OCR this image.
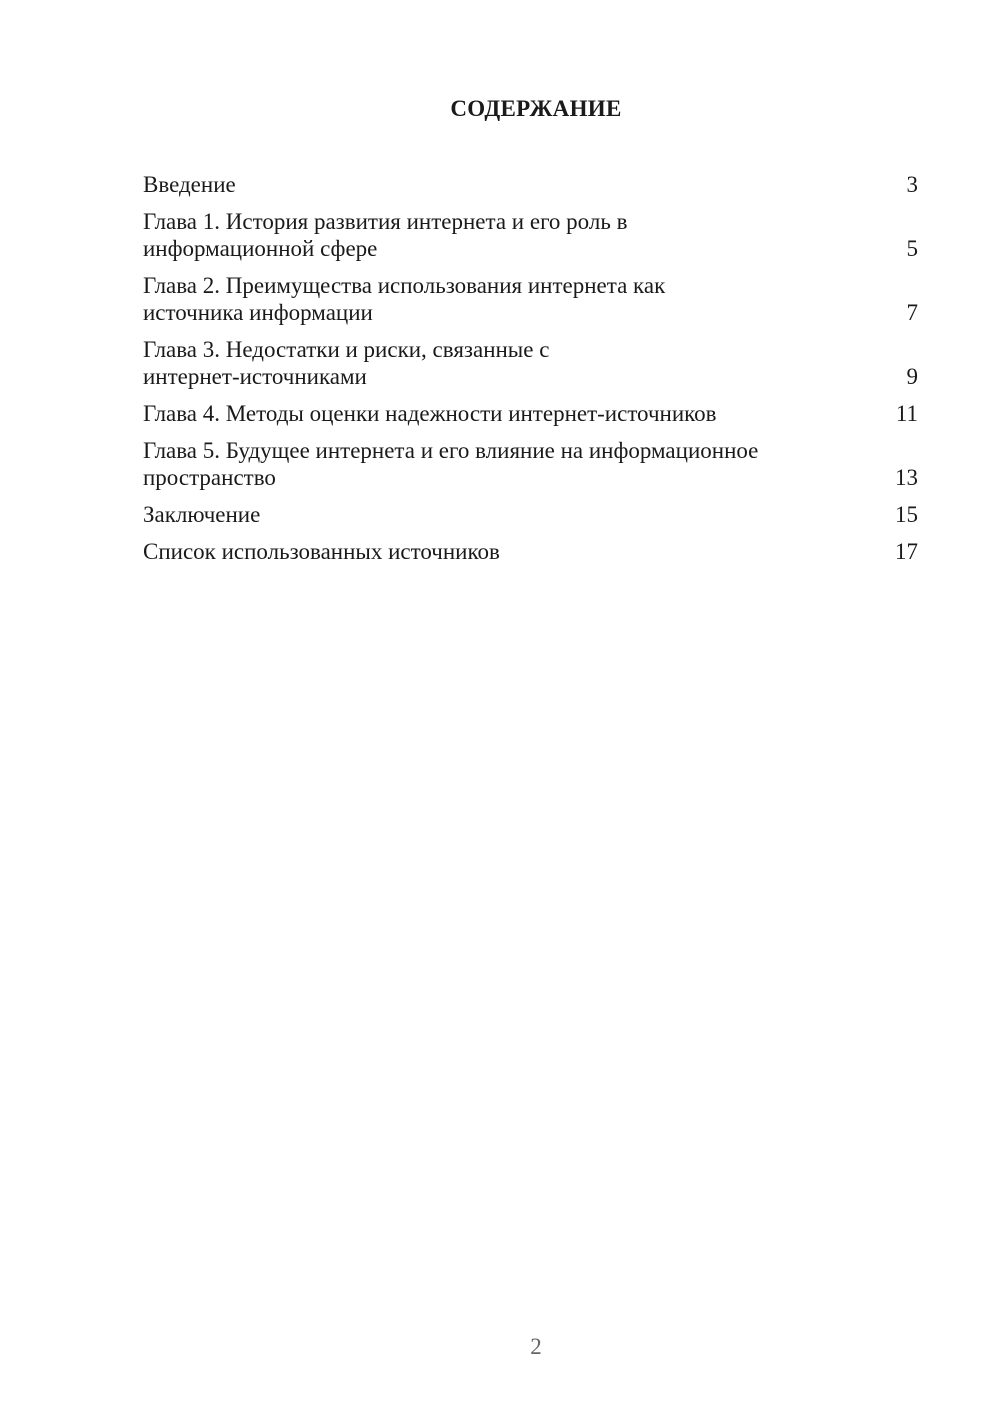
СОДЕРЖАНИЕ
Введение	3
Глава 1. История развития интернета и его роль в
информационной сфере	5
Глава 2. Преимущества использования интернета как
источника информации	7
Глава 3. Недостатки и риски, связанные с
интернет-источниками	9
Глава 4. Методы оценки надежности интернет-источников	11
Глава 5. Будущее интернета и его влияние на информационное
пространство	13
Заключение	15
Список использованных источников	17
2
